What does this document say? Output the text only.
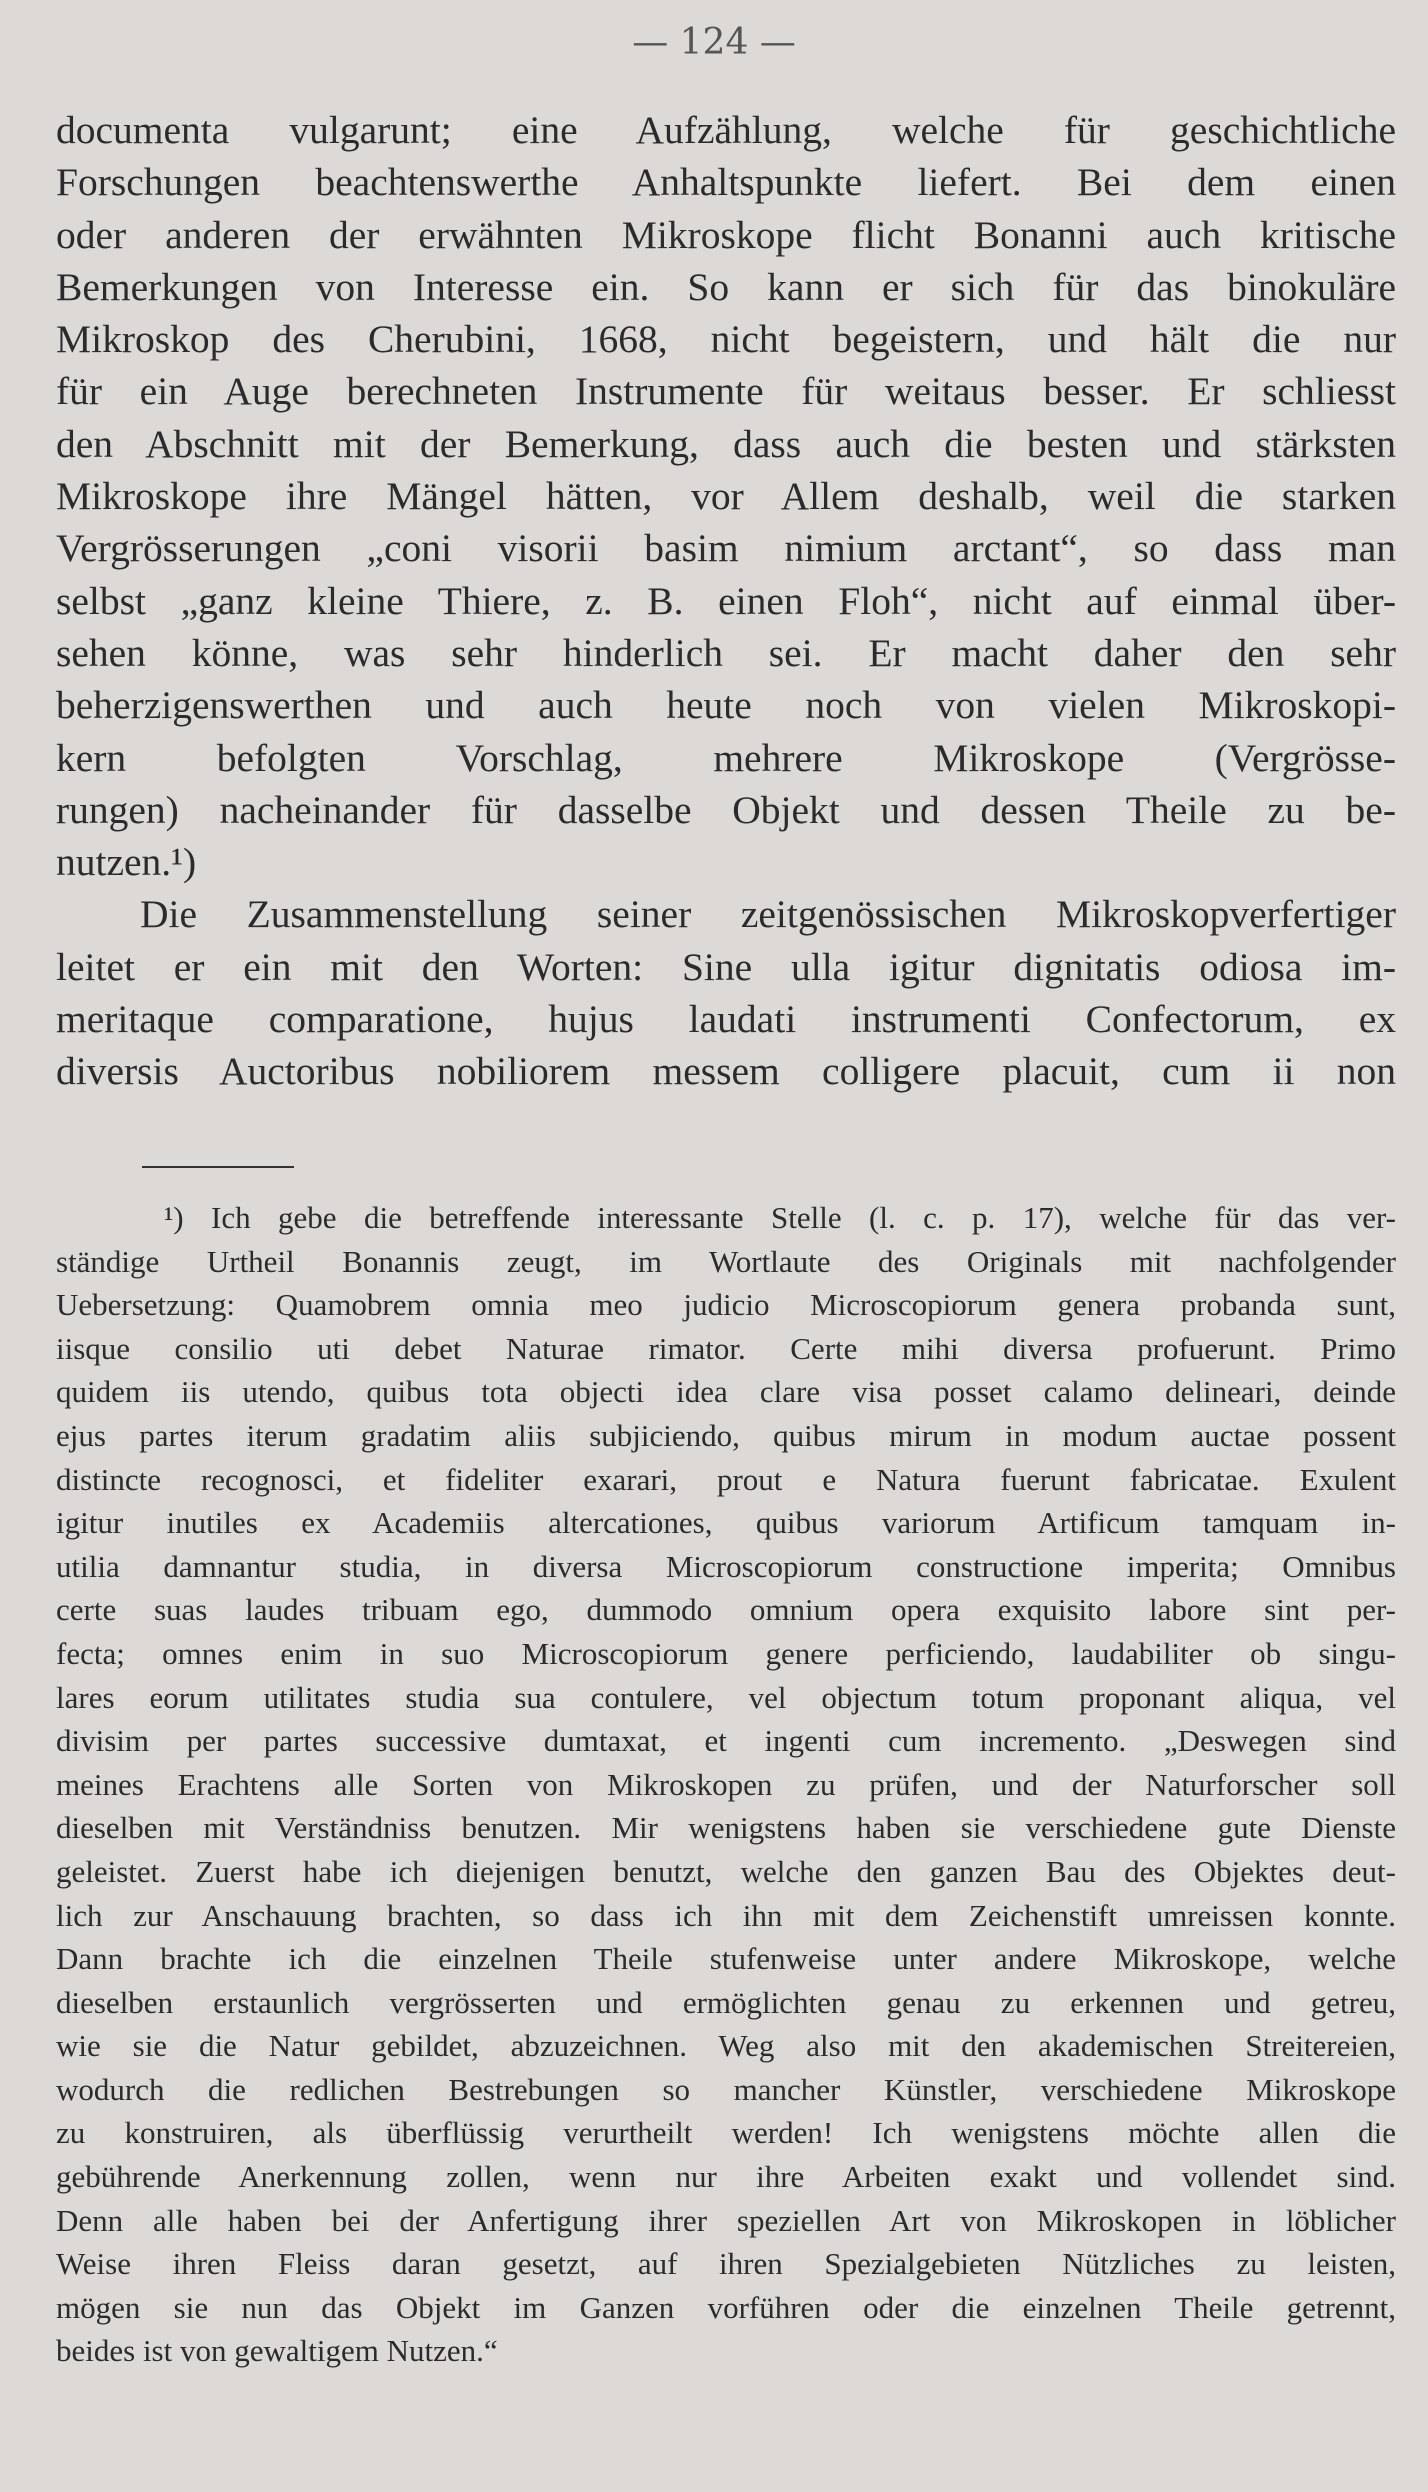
— 124 —
documenta vulgarunt; eine Aufzählung, welche für geschichtliche
Forschungen beachtenswerthe Anhaltspunkte liefert. Bei dem einen
oder anderen der erwähnten Mikroskope flicht Bonanni auch kritische
Bemerkungen von Interesse ein. So kann er sich für das binokuläre
Mikroskop des Cherubini, 1668, nicht begeistern, und hält die nur
für ein Auge berechneten Instrumente für weitaus besser. Er schliesst
den Abschnitt mit der Bemerkung, dass auch die besten und stärksten
Mikroskope ihre Mängel hätten, vor Allem deshalb, weil die starken
Vergrösserungen „coni visorii basim nimium arctant“, so dass man
selbst „ganz kleine Thiere, z. B. einen Floh“, nicht auf einmal über-
sehen könne, was sehr hinderlich sei. Er macht daher den sehr
beherzigenswerthen und auch heute noch von vielen Mikroskopi-
kern befolgten Vorschlag, mehrere Mikroskope (Vergrösse-
rungen) nacheinander für dasselbe Objekt und dessen Theile zu be-
nutzen.¹)
Die Zusammenstellung seiner zeitgenössischen Mikroskopverfertiger
leitet er ein mit den Worten: Sine ulla igitur dignitatis odiosa im-
meritaque comparatione, hujus laudati instrumenti Confectorum, ex
diversis Auctoribus nobiliorem messem colligere placuit, cum ii non
¹) Ich gebe die betreffende interessante Stelle (l. c. p. 17), welche für das ver-
ständige Urtheil Bonannis zeugt, im Wortlaute des Originals mit nachfolgender
Uebersetzung: Quamobrem omnia meo judicio Microscopiorum genera probanda sunt,
iisque consilio uti debet Naturae rimator. Certe mihi diversa profuerunt. Primo
quidem iis utendo, quibus tota objecti idea clare visa posset calamo delineari, deinde
ejus partes iterum gradatim aliis subjiciendo, quibus mirum in modum auctae possent
distincte recognosci, et fideliter exarari, prout e Natura fuerunt fabricatae. Exulent
igitur inutiles ex Academiis altercationes, quibus variorum Artificum tamquam in-
utilia damnantur studia, in diversa Microscopiorum constructione imperita; Omnibus
certe suas laudes tribuam ego, dummodo omnium opera exquisito labore sint per-
fecta; omnes enim in suo Microscopiorum genere perficiendo, laudabiliter ob singu-
lares eorum utilitates studia sua contulere, vel objectum totum proponant aliqua, vel
divisim per partes successive dumtaxat, et ingenti cum incremento. „Deswegen sind
meines Erachtens alle Sorten von Mikroskopen zu prüfen, und der Naturforscher soll
dieselben mit Verständniss benutzen. Mir wenigstens haben sie verschiedene gute Dienste
geleistet. Zuerst habe ich diejenigen benutzt, welche den ganzen Bau des Objektes deut-
lich zur Anschauung brachten, so dass ich ihn mit dem Zeichenstift umreissen konnte.
Dann brachte ich die einzelnen Theile stufenweise unter andere Mikroskope, welche
dieselben erstaunlich vergrösserten und ermöglichten genau zu erkennen und getreu,
wie sie die Natur gebildet, abzuzeichnen. Weg also mit den akademischen Streitereien,
wodurch die redlichen Bestrebungen so mancher Künstler, verschiedene Mikroskope
zu konstruiren, als überflüssig verurtheilt werden! Ich wenigstens möchte allen die
gebührende Anerkennung zollen, wenn nur ihre Arbeiten exakt und vollendet sind.
Denn alle haben bei der Anfertigung ihrer speziellen Art von Mikroskopen in löblicher
Weise ihren Fleiss daran gesetzt, auf ihren Spezialgebieten Nützliches zu leisten,
mögen sie nun das Objekt im Ganzen vorführen oder die einzelnen Theile getrennt,
beides ist von gewaltigem Nutzen.“
